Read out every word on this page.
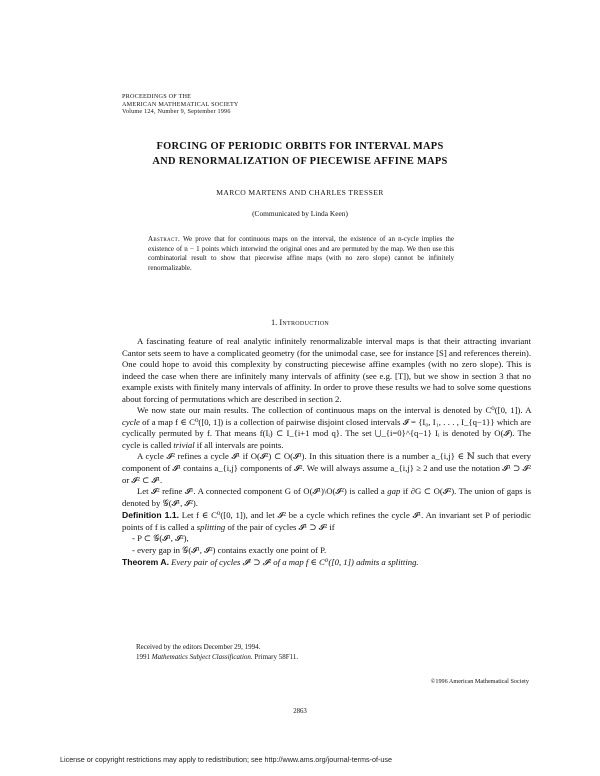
PROCEEDINGS OF THE
AMERICAN MATHEMATICAL SOCIETY
Volume 124, Number 9, September 1996
FORCING OF PERIODIC ORBITS FOR INTERVAL MAPS
AND RENORMALIZATION OF PIECEWISE AFFINE MAPS
MARCO MARTENS AND CHARLES TRESSER
(Communicated by Linda Keen)
Abstract. We prove that for continuous maps on the interval, the existence of an n-cycle implies the existence of n − 1 points which interwind the original ones and are permuted by the map. We then use this combinatorial result to show that piecewise affine maps (with no zero slope) cannot be infinitely renormalizable.
1. Introduction

A fascinating feature of real analytic infinitely renormalizable interval maps is that their attracting invariant Cantor sets seem to have a complicated geometry (for the unimodal case, see for instance [S] and references therein). One could hope to avoid this complexity by constructing piecewise affine examples (with no zero slope). This is indeed the case when there are infinitely many intervals of affinity (see e.g. [T]), but we show in section 3 that no example exists with finitely many intervals of affinity. In order to prove these results we had to solve some questions about forcing of permutations which are described in section 2.

We now state our main results. The collection of continuous maps on the interval is denoted by C⁰([0, 1]). A cycle of a map f ∈ C⁰([0, 1]) is a collection of pairwise disjoint closed intervals 𝓘 = {I₀, I₁, . . . , I_{q−1}} which are cyclically permuted by f. That means f(Iᵢ) ⊂ I_{i+1 mod q}. The set ⋃_{i=0}^{q−1} Iᵢ is denoted by O(𝓘). The cycle is called trivial if all intervals are points.

A cycle 𝓘² refines a cycle 𝓘¹ if O(𝓘²) ⊂ O(𝓘¹). In this situation there is a number a_{i,j} ∈ ℕ such that every component of 𝓘¹ contains a_{i,j} components of 𝓘². We will always assume a_{i,j} ≥ 2 and use the notation 𝓘¹ ⊃ 𝓘² or 𝓘² ⊂ 𝓘¹.

Let 𝓘² refine 𝓘¹. A connected component G of O(𝓘¹)\O(𝓘²) is called a gap if ∂G ⊂ O(𝓘²). The union of gaps is denoted by 𝒢(𝓘¹, 𝓘²).

Definition 1.1. Let f ∈ C⁰([0, 1]), and let 𝓘² be a cycle which refines the cycle 𝓘¹. An invariant set P of periodic points of f is called a splitting of the pair of cycles 𝓘¹ ⊃ 𝓘² if

- P ⊂ 𝒢(𝓘¹, 𝓘²),
- every gap in 𝒢(𝓘¹, 𝓘²) contains exactly one point of P.

Theorem A. Every pair of cycles 𝓘¹ ⊃ 𝓘² of a map f ∈ C⁰([0, 1]) admits a splitting.

Received by the editors December 29, 1994.
1991 Mathematics Subject Classification. Primary 58F11.
©1996 American Mathematical Society
2863
License or copyright restrictions may apply to redistribution; see http://www.ams.org/journal-terms-of-use
